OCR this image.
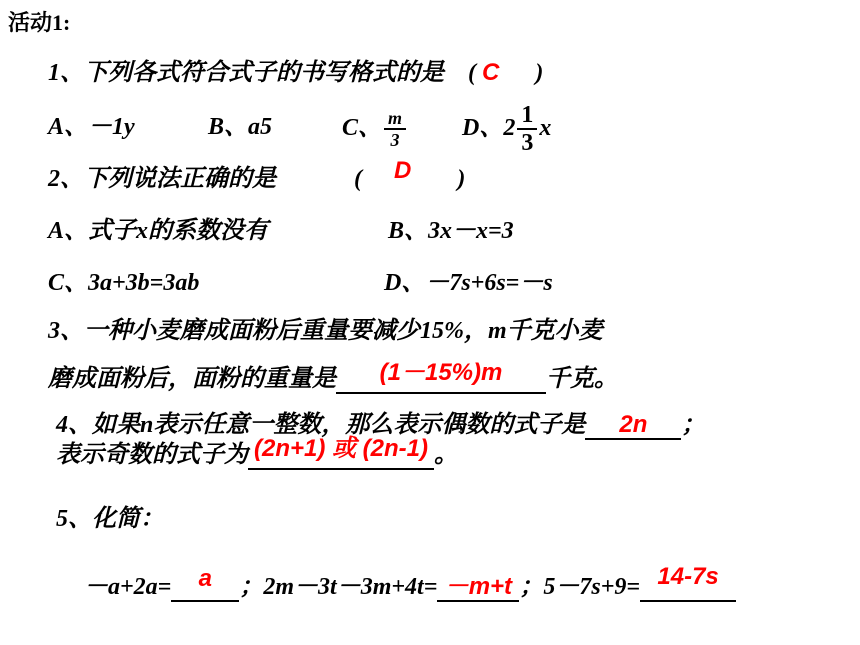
活动1:
1、下列各式符合式子的书写格式的是 ( C )
A、－1y	B、a5	C、 $\frac{m}{3}$ D、$2 \frac{1}{3}$ x
2、下列说法正确的是	( D )
A、式子x的系数没有	B、3x－x=3
C、3a+3b=3ab	D、－7s+6s=－s
3、一种小麦磨成面粉后重量要减少15%，m千克小麦
磨成面粉后，面粉的重量是 (1－15%)m 千克。
4、如果n表示任意一整数，那么表示偶数的式子是 2n ；
表示奇数的式子为 (2n+1) 或 (2n-1) 。
5、化简：
－a+2a= a ；2m－3t－3m+4t= －m+t ；5－7s+9= 14-7s
